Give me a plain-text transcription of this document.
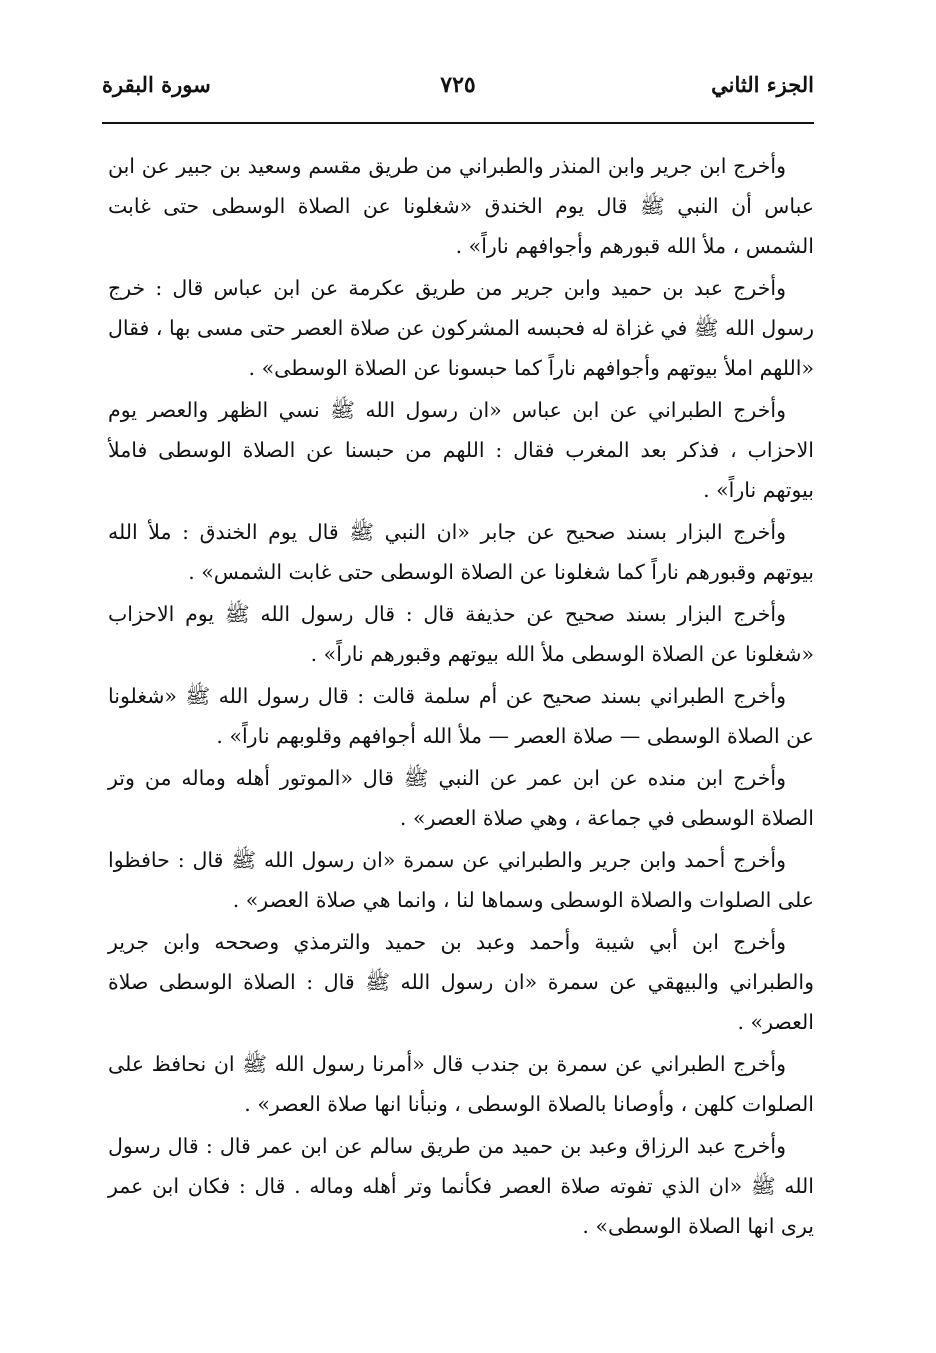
الجزء الثاني
٧٢٥
سورة البقرة

وأخرج ابن جرير وابن المنذر والطبراني من طريق مقسم وسعيد بن جبير عن ابن عباس أن النبي ﷺ قال يوم الخندق «شغلونا عن الصلاة الوسطى حتى غابت الشمس ، ملأ الله قبورهم وأجوافهم ناراً» .

وأخرج عبد بن حميد وابن جرير من طريق عكرمة عن ابن عباس قال : خرج رسول الله ﷺ في غزاة له فحبسه المشركون عن صلاة العصر حتى مسى بها ، فقال «اللهم املأ بيوتهم وأجوافهم ناراً كما حبسونا عن الصلاة الوسطى» .

وأخرج الطبراني عن ابن عباس «ان رسول الله ﷺ نسي الظهر والعصر يوم الاحزاب ، فذكر بعد المغرب فقال : اللهم من حبسنا عن الصلاة الوسطى فاملأ بيوتهم ناراً» .

وأخرج البزار بسند صحيح عن جابر «ان النبي ﷺ قال يوم الخندق : ملأ الله بيوتهم وقبورهم ناراً كما شغلونا عن الصلاة الوسطى حتى غابت الشمس» .

وأخرج البزار بسند صحيح عن حذيفة قال : قال رسول الله ﷺ يوم الاحزاب «شغلونا عن الصلاة الوسطى ملأ الله بيوتهم وقبورهم ناراً» .

وأخرج الطبراني بسند صحيح عن أم سلمة قالت : قال رسول الله ﷺ «شغلونا عن الصلاة الوسطى — صلاة العصر — ملأ الله أجوافهم وقلوبهم ناراً» .

وأخرج ابن منده عن ابن عمر عن النبي ﷺ قال «الموتور أهله وماله من وتر الصلاة الوسطى في جماعة ، وهي صلاة العصر» .

وأخرج أحمد وابن جرير والطبراني عن سمرة «ان رسول الله ﷺ قال : حافظوا على الصلوات والصلاة الوسطى وسماها لنا ، وانما هي صلاة العصر» .

وأخرج ابن أبي شيبة وأحمد وعبد بن حميد والترمذي وصححه وابن جرير والطبراني والبيهقي عن سمرة «ان رسول الله ﷺ قال : الصلاة الوسطى صلاة العصر» .

وأخرج الطبراني عن سمرة بن جندب قال «أمرنا رسول الله ﷺ ان نحافظ على الصلوات كلهن ، وأوصانا بالصلاة الوسطى ، ونبأنا انها صلاة العصر» .

وأخرج عبد الرزاق وعبد بن حميد من طريق سالم عن ابن عمر قال : قال رسول الله ﷺ «ان الذي تفوته صلاة العصر فكأنما وتر أهله وماله . قال : فكان ابن عمر يرى انها الصلاة الوسطى» .
